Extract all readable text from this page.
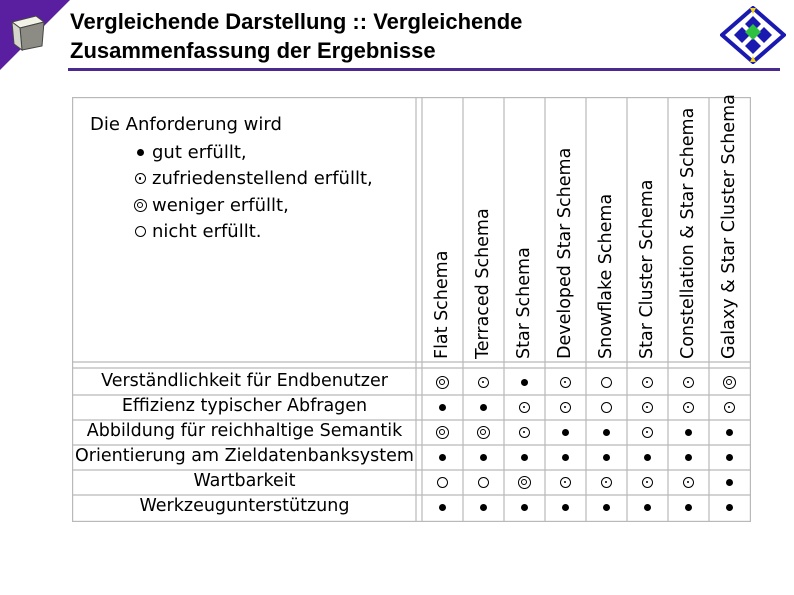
Vergleichende Darstellung :: Vergleichende
Zusammenfassung der Ergebnisse
Die Anforderung wird
gut erfüllt,
zufriedenstellend erfüllt,
weniger erfüllt,
nicht erfüllt.
Flat Schema Terraced Schema Star Schema Developed Star Schema Snowflake Schema Star Cluster Schema Constellation & Star Schema Galaxy & Star Cluster Schema
Verständlichkeit für Endbenutzer
Effizienz typischer Abfragen
Abbildung für reichhaltige Semantik
Orientierung am Zieldatenbanksystem
Wartbarkeit
Werkzeugunterstützung
